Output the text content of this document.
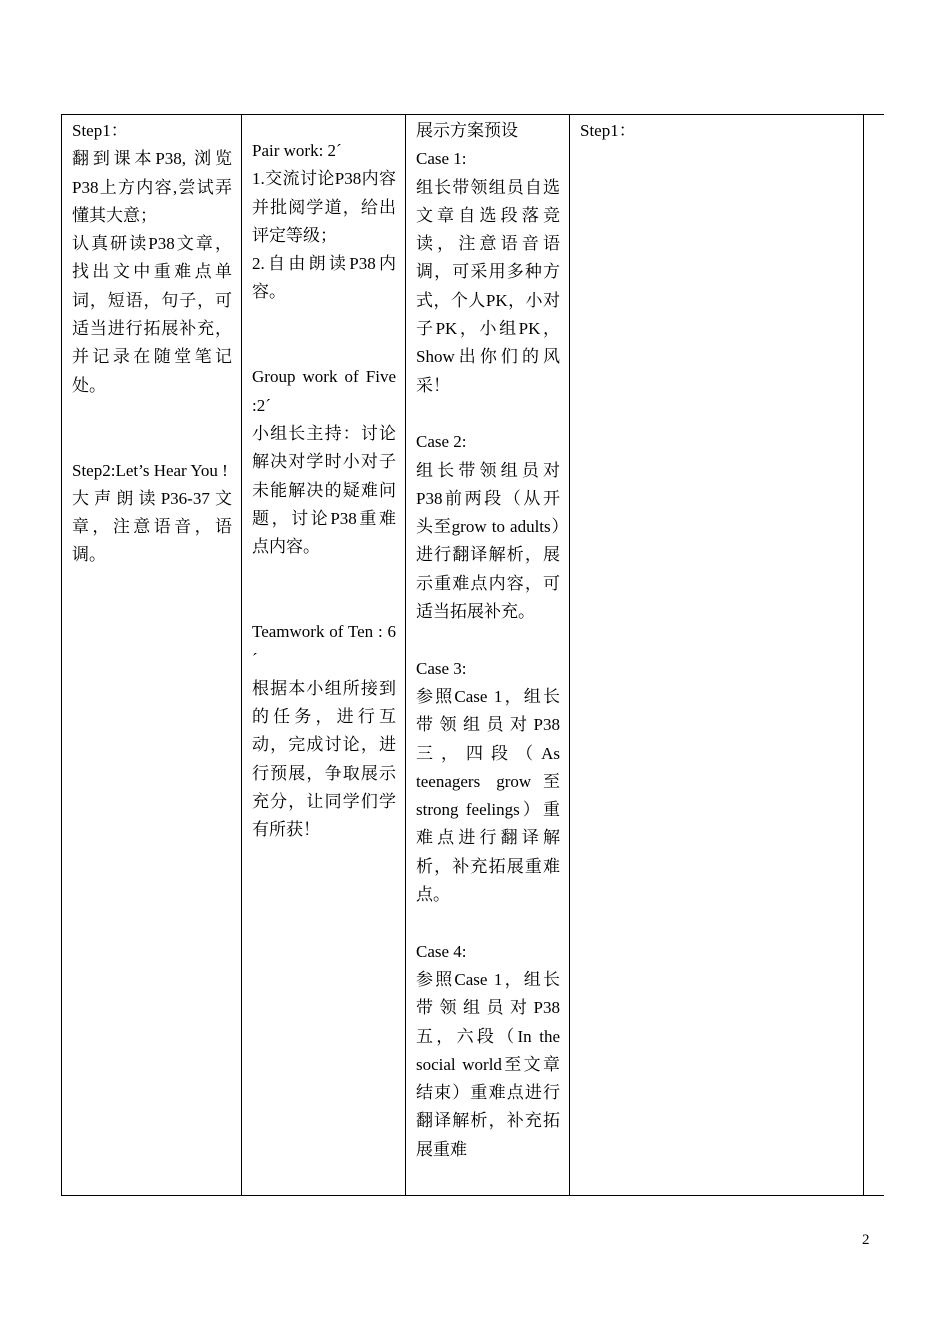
Step1：

翻到课本P38, 浏览P38上方内容,尝试弄懂其大意；

认真研读P38文章，找出文中重难点单词，短语，句子，可适当进行拓展补充，并记录在随堂笔记处。

Step2:Let’s Hear You !

大声朗读P36-37文章，注意语音，语调。

Pair work: 2´

1.交流讨论P38内容并批阅学道，给出评定等级；

2.自由朗读P38内容。

Group work of Five :2´

小组长主持：讨论解决对学时小对子未能解决的疑难问题，讨论P38重难点内容。

Teamwork of Ten : 6´

根据本小组所接到的任务，进行互动，完成讨论，进行预展，争取展示充分，让同学们学有所获！

展示方案预设

Case 1:

组长带领组员自选文章自选段落竞读，注意语音语调，可采用多种方式，个人PK，小对子PK，小组PK，Show出你们的风采！

Case 2:

组长带领组员对P38前两段（从开头至grow to adults）进行翻译解析，展示重难点内容，可适当拓展补充。

Case 3:

参照Case 1，组长带领组员对P38三，四段（As teenagers grow至strong feelings）重难点进行翻译解析，补充拓展重难点。

Case 4:

参照Case 1，组长带领组员对P38五，六段（In the social world至文章结束）重难点进行翻译解析，补充拓展重难

Step1：

2
